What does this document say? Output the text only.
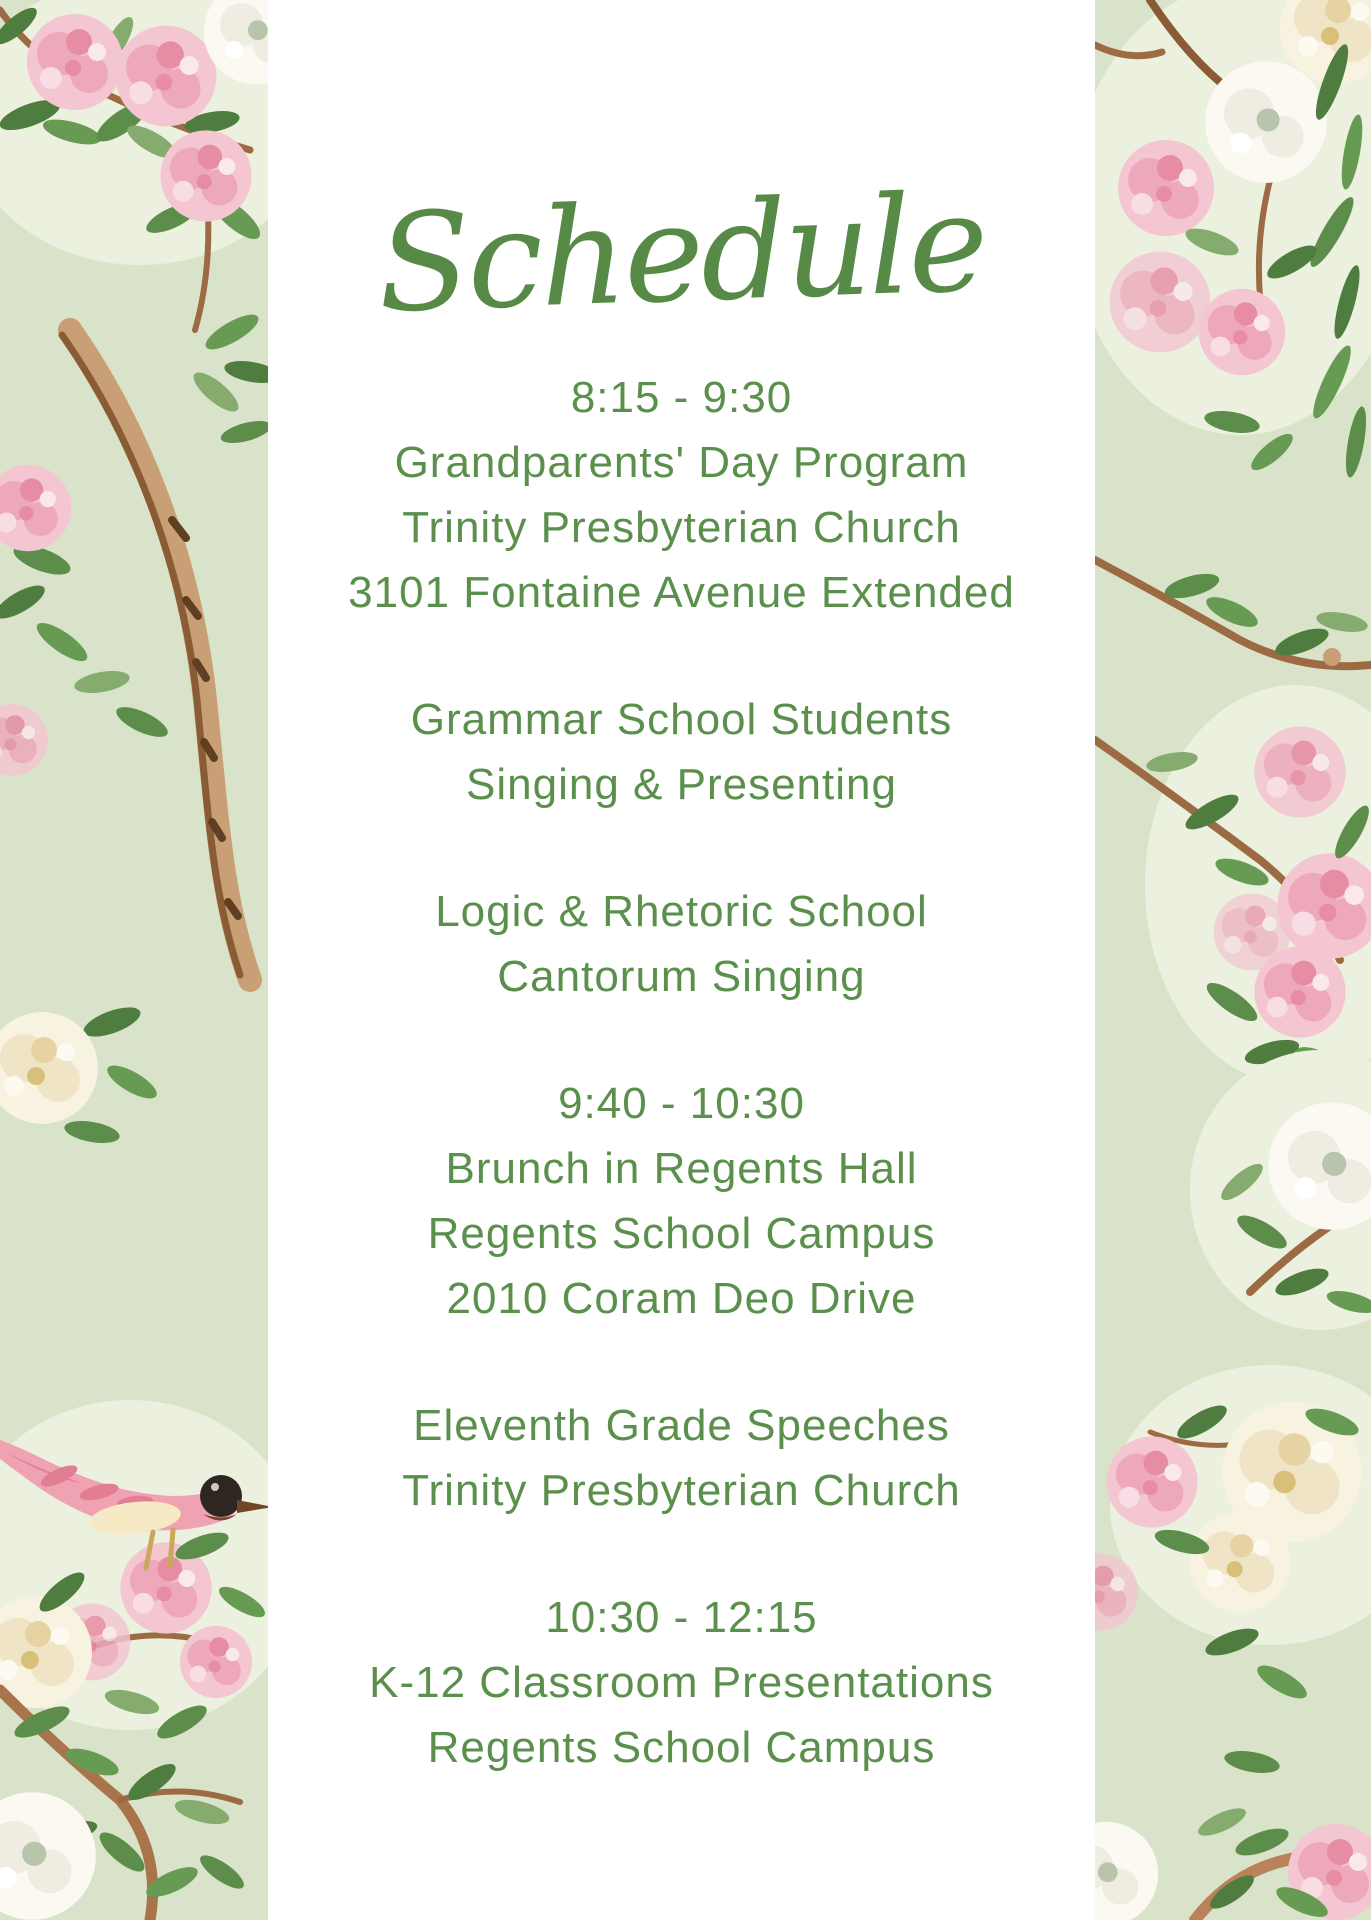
Schedule

8:15 - 9:30

Grandparents' Day Program

Trinity Presbyterian Church

3101 Fontaine Avenue Extended

Grammar School Students

Singing & Presenting

Logic & Rhetoric School

Cantorum Singing

9:40 - 10:30

Brunch in Regents Hall

Regents School Campus

2010 Coram Deo Drive

Eleventh Grade Speeches

Trinity Presbyterian Church

10:30 - 12:15

K-12 Classroom Presentations

Regents School Campus
